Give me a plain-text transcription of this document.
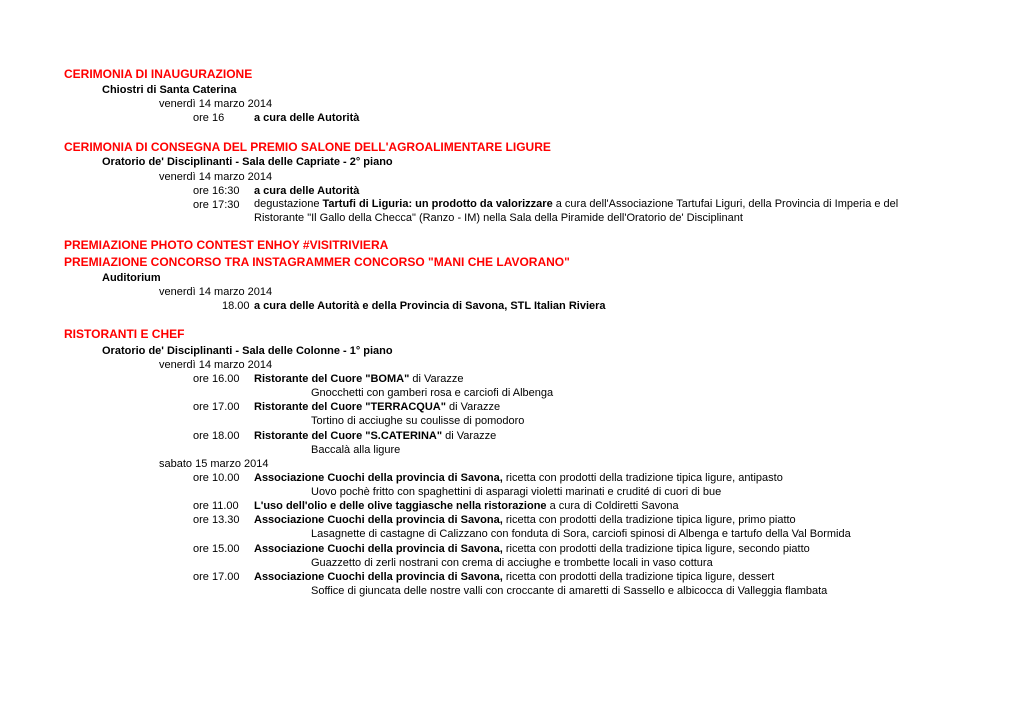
CERIMONIA DI INAUGURAZIONE
Chiostri di Santa Caterina
venerdì 14 marzo 2014
ore 16	a cura delle Autorità
CERIMONIA DI CONSEGNA DEL PREMIO SALONE DELL'AGROALIMENTARE LIGURE
Oratorio de' Disciplinanti - Sala delle Capriate - 2° piano
venerdì 14 marzo 2014
ore 16:30 a cura delle Autorità
ore 17:30 degustazione Tartufi di Liguria: un prodotto da valorizzare a cura dell'Associazione Tartufai Liguri, della Provincia di Imperia e del
Ristorante "Il Gallo della Checca" (Ranzo - IM) nella Sala della Piramide dell'Oratorio de' Disciplinant
PREMIAZIONE PHOTO CONTEST ENHOY #VISITRIVIERA
PREMIAZIONE CONCORSO TRA INSTAGRAMMER CONCORSO "MANI CHE LAVORANO"
Auditorium
venerdì 14 marzo 2014
18.00 a cura delle Autorità e della Provincia di Savona, STL Italian Riviera
RISTORANTI E CHEF
Oratorio de' Disciplinanti - Sala delle Colonne - 1° piano
venerdì 14 marzo 2014
ore 16.00 Ristorante del Cuore "BOMA" di Varazze
Gnocchetti con gamberi rosa e carciofi di Albenga
ore 17.00 Ristorante del Cuore "TERRACQUA" di Varazze
Tortino di acciughe su coulisse di pomodoro
ore 18.00 Ristorante del Cuore "S.CATERINA" di Varazze
Baccalà alla ligure
sabato 15 marzo 2014
ore 10.00 Associazione Cuochi della provincia di Savona, ricetta con prodotti della tradizione tipica ligure, antipasto
Uovo pochè fritto con spaghettini di asparagi violetti marinati e crudité di cuori di bue
ore 11.00 L'uso dell'olio e delle olive taggiasche nella ristorazione a cura di Coldiretti Savona
ore 13.30 Associazione Cuochi della provincia di Savona, ricetta con prodotti della tradizione tipica ligure, primo piatto
Lasagnette di castagne di Calizzano con fonduta di Sora, carciofi spinosi di Albenga e tartufo della Val Bormida
ore 15.00 Associazione Cuochi della provincia di Savona, ricetta con prodotti della tradizione tipica ligure, secondo piatto
Guazzetto di zerli nostrani con crema di acciughe e trombette locali in vaso cottura
ore 17.00 Associazione Cuochi della provincia di Savona, ricetta con prodotti della tradizione tipica ligure, dessert
Soffice di giuncata delle nostre valli con croccante di amaretti di Sassello e albicocca di Valleggia flambata
